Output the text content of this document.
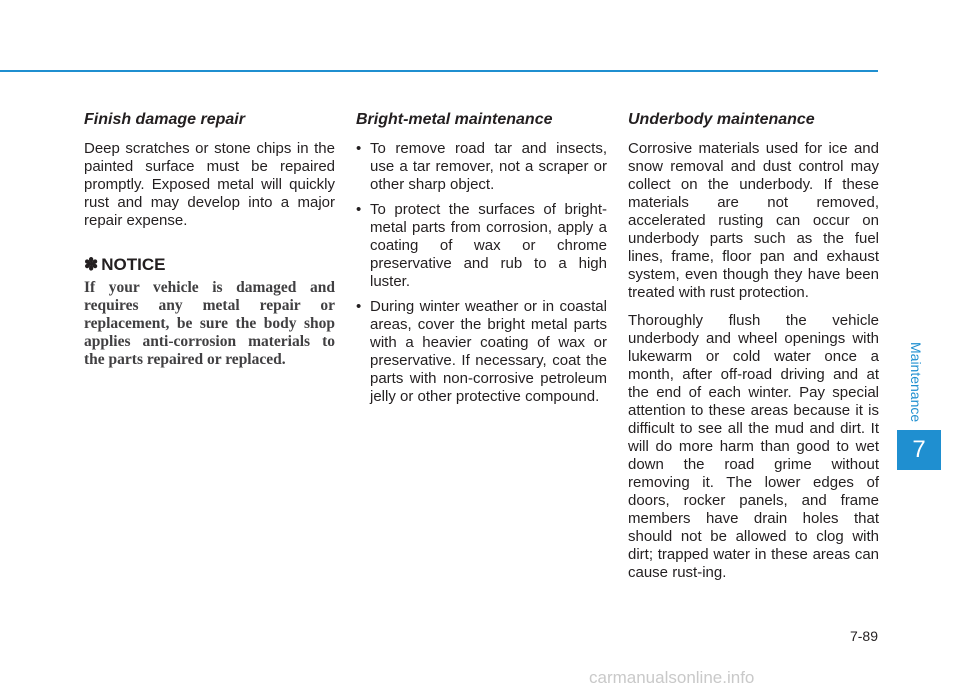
Finish damage repair

Deep scratches or stone chips in the painted surface must be repaired promptly. Exposed metal will quickly rust and may develop into a major repair expense.

✽ NOTICE

If your vehicle is damaged and requires any metal repair or replacement, be sure the body shop applies anti-corrosion materials to the parts repaired or replaced.

Bright-metal maintenance
• To remove road tar and insects, use a tar remover, not a scraper or other sharp object.
• To protect the surfaces of bright-metal parts from corrosion, apply a coating of wax or chrome preservative and rub to a high luster.
• During winter weather or in coastal areas, cover the bright metal parts with a heavier coating of wax or preservative. If necessary, coat the parts with non-corrosive petroleum jelly or other protective compound.
Underbody maintenance

Corrosive materials used for ice and snow removal and dust control may collect on the underbody. If these materials are not removed, accelerated rusting can occur on underbody parts such as the fuel lines, frame, floor pan and exhaust system, even though they have been treated with rust protection.

Thoroughly flush the vehicle underbody and wheel openings with lukewarm or cold water once a month, after off-road driving and at the end of each winter. Pay special attention to these areas because it is difficult to see all the mud and dirt. It will do more harm than good to wet down the road grime without removing it. The lower edges of doors, rocker panels, and frame members have drain holes that should not be allowed to clog with dirt; trapped water in these areas can cause rust-ing.

Maintenance
7
7-89
carmanualsonline.info
